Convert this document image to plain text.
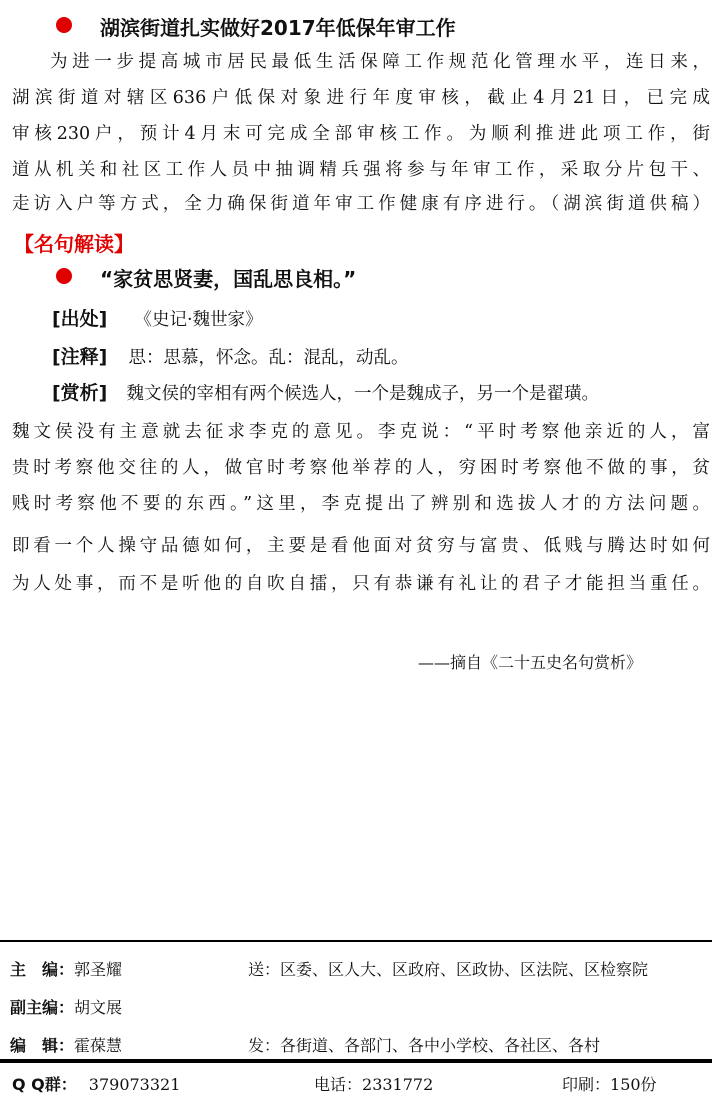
湖滨街道扎实做好2017年低保年审工作
为进一步提高城市居民最低生活保障工作规范化管理水平，连日来，
湖滨街道对辖区636户低保对象进行年度审核，截止4月21日，已完成
审核230户，预计4月末可完成全部审核工作。为顺利推进此项工作，街
道从机关和社区工作人员中抽调精兵强将参与年审工作，采取分片包干、
走访入户等方式，全力确保街道年审工作健康有序进行。（湖滨街道供稿）
【名句解读】
“家贫思贤妻，国乱思良相。”
[出处] 《史记·魏世家》
[注释] 思：思慕，怀念。乱：混乱，动乱。
[赏析] 魏文侯的宰相有两个候选人，一个是魏成子，另一个是翟璜。
魏文侯没有主意就去征求李克的意见。李克说：“平时考察他亲近的人，富
贵时考察他交往的人，做官时考察他举荐的人，穷困时考察他不做的事，贫
贱时考察他不要的东西。”这里，李克提出了辨别和选拔人才的方法问题。
即看一个人操守品德如何，主要是看他面对贫穷与富贵、低贱与腾达时如何
为人处事，而不是听他的自吹自擂，只有恭谦有礼让的君子才能担当重任。
——摘自《二十五史名句赏析》
主　编：郭圣耀	送：区委、区人大、区政府、区政协、区法院、区检察院
副主编：胡文展
编　辑：霍葆慧	发：各街道、各部门、各中小学校、各社区、各村
Q Q群： 379073321	电话：2331772	印刷：150份
